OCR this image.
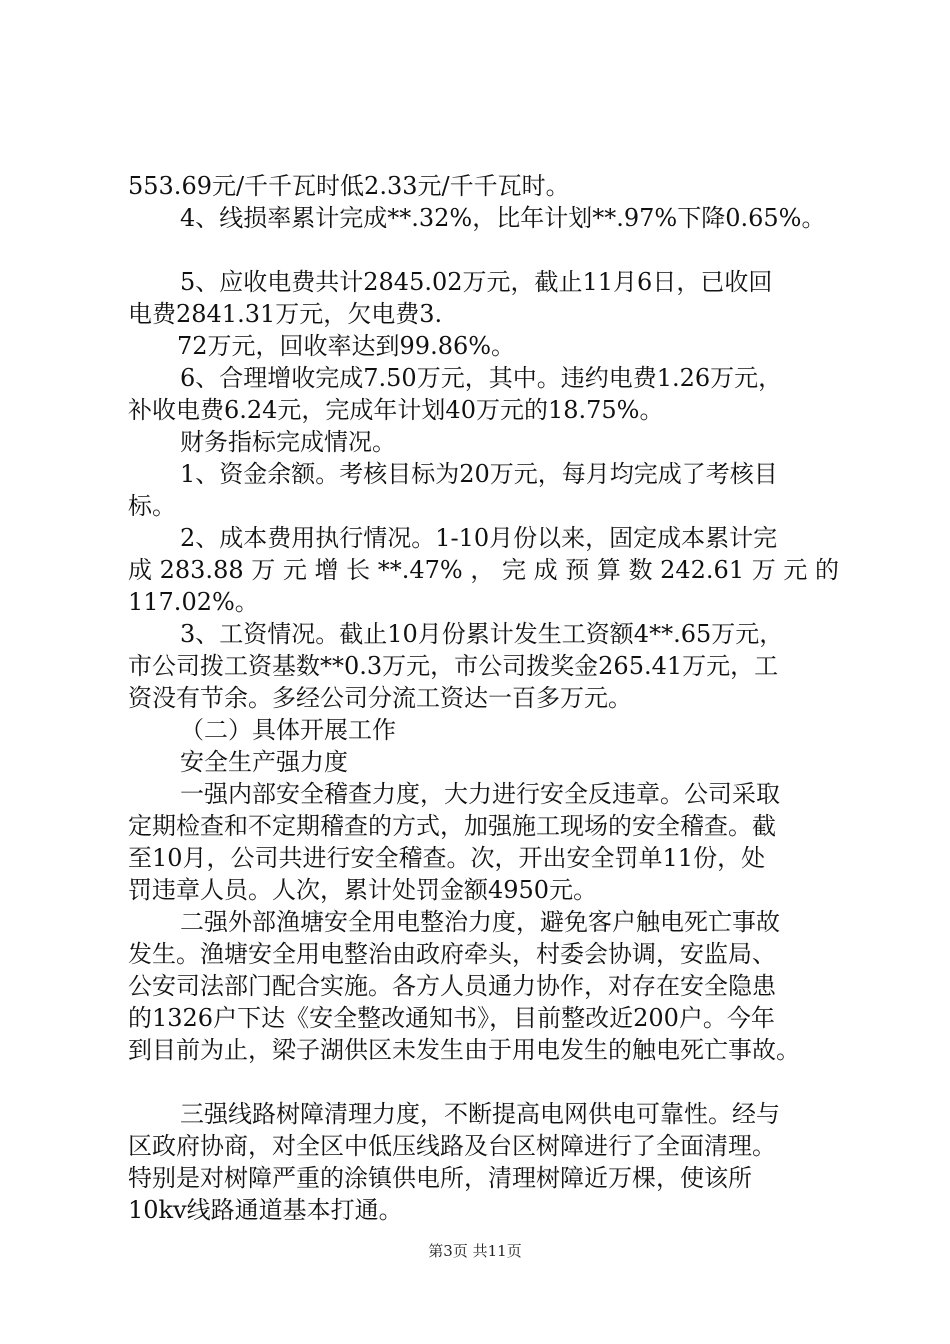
553.69元/千千瓦时低2.33元/千千瓦时。
4、线损率累计完成**.32%，比年计划**.97%下降0.65%。
5、应收电费共计2845.02万元，截止11月6日，已收回
电费2841.31万元，欠电费3.
72万元，回收率达到99.86%。
6、合理增收完成7.50万元，其中。违约电费1.26万元，
补收电费6.24元，完成年计划40万元的18.75%。
财务指标完成情况。
1、资金余额。考核目标为20万元，每月均完成了考核目
标。
2、成本费用执行情况。1-10月份以来，固定成本累计完
成 283.88 万 元 增 长 **.47% ， 完 成 预 算 数 242.61 万 元 的
117.02%。
3、工资情况。截止10月份累计发生工资额4**.65万元，
市公司拨工资基数**0.3万元，市公司拨奖金265.41万元，工
资没有节余。多经公司分流工资达一百多万元。
（二）具体开展工作
安全生产强力度
一强内部安全稽查力度，大力进行安全反违章。公司采取
定期检查和不定期稽查的方式，加强施工现场的安全稽查。截
至10月，公司共进行安全稽查。次，开出安全罚单11份，处
罚违章人员。人次，累计处罚金额4950元。
二强外部渔塘安全用电整治力度，避免客户触电死亡事故
发生。渔塘安全用电整治由政府牵头，村委会协调，安监局、
公安司法部门配合实施。各方人员通力协作，对存在安全隐患
的1326户下达《安全整改通知书》，目前整改近200户。今年
到目前为止，梁子湖供区未发生由于用电发生的触电死亡事故。
三强线路树障清理力度，不断提高电网供电可靠性。经与
区政府协商，对全区中低压线路及台区树障进行了全面清理。
特别是对树障严重的涂镇供电所，清理树障近万棵，使该所
10kv线路通道基本打通。
第3页 共11页
